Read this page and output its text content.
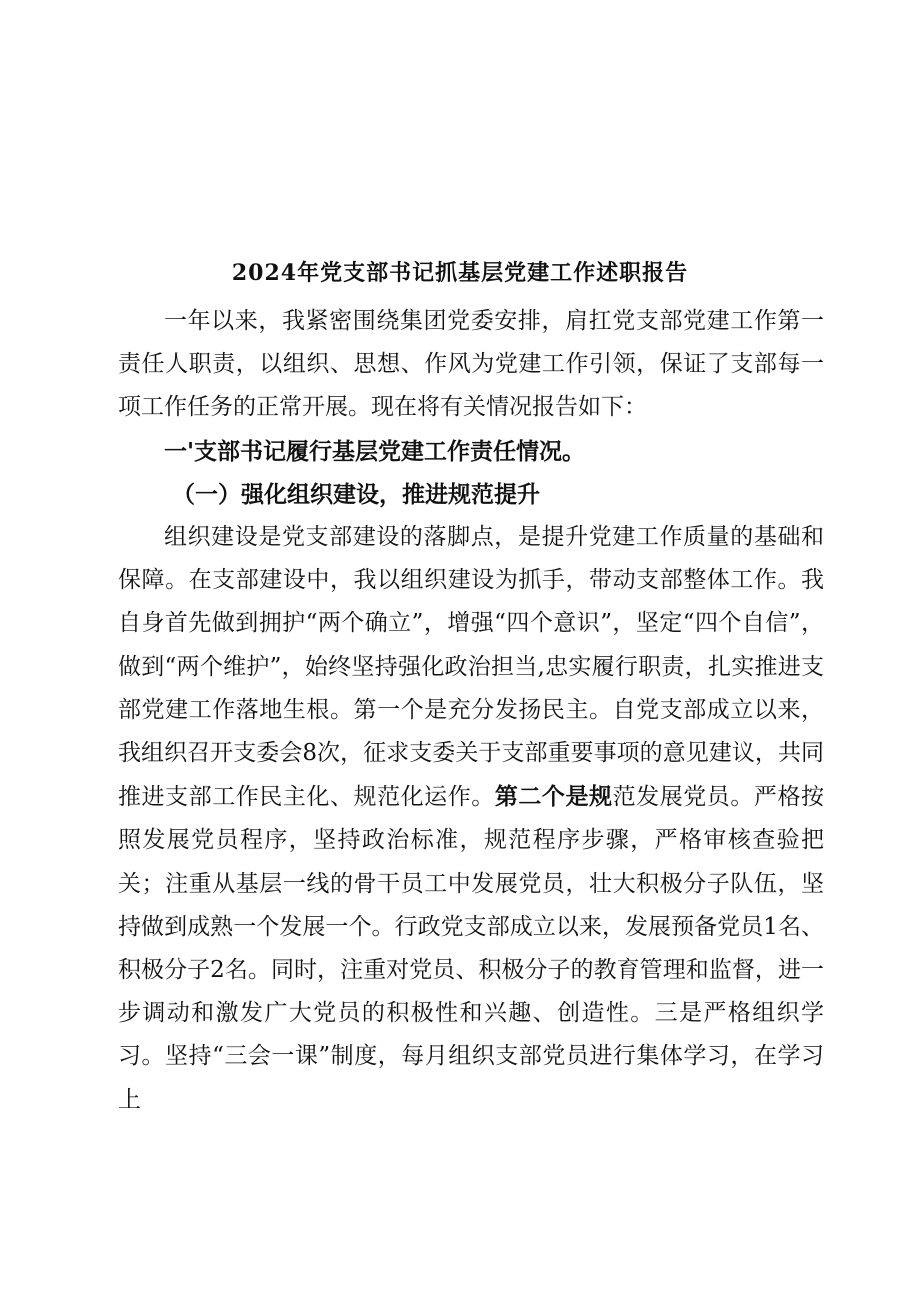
2024年党支部书记抓基层党建工作述职报告

一年以来，我紧密围绕集团党委安排，肩扛党支部党建工作第一责任人职责，以组织、思想、作风为党建工作引领，保证了支部每一项工作任务的正常开展。现在将有关情况报告如下：

一'支部书记履行基层党建工作责任情况。
（一）强化组织建设，推进规范提升

组织建设是党支部建设的落脚点，是提升党建工作质量的基础和保障。在支部建设中，我以组织建设为抓手，带动支部整体工作。我自身首先做到拥护“两个确立”，增强“四个意识”，坚定“四个自信”，做到“两个维护”，始终坚持强化政治担当,忠实履行职责，扎实推进支部党建工作落地生根。第一个是充分发扬民主。自党支部成立以来，我组织召开支委会8次，征求支委关于支部重要事项的意见建议，共同推进支部工作民主化、规范化运作。第二个是规范发展党员。严格按照发展党员程序，坚持政治标准，规范程序步骤，严格审核查验把关；注重从基层一线的骨干员工中发展党员，壮大积极分子队伍，坚持做到成熟一个发展一个。行政党支部成立以来，发展预备党员1名、积极分子2名。同时，注重对党员、积极分子的教育管理和监督，进一步调动和激发广大党员的积极性和兴趣、创造性。三是严格组织学习。坚持“三会一课”制度，每月组织支部党员进行集体学习，在学习上
